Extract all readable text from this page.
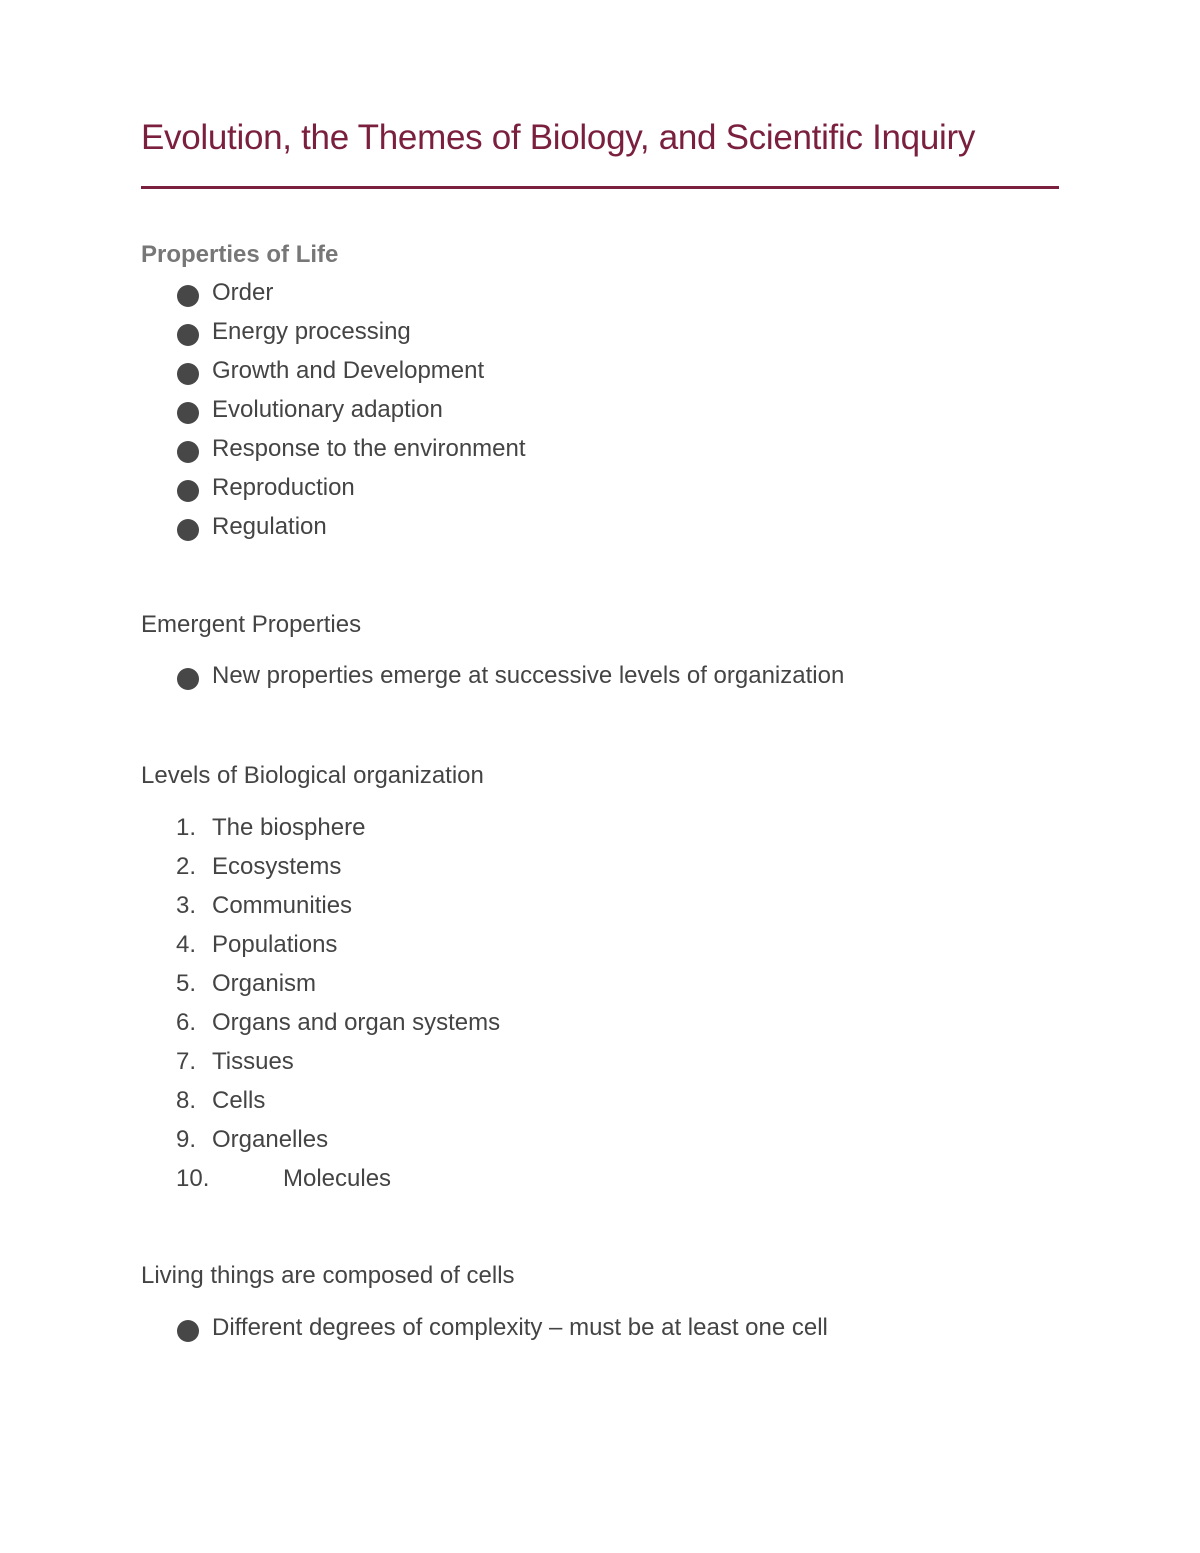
Evolution, the Themes of Biology, and Scientific Inquiry
Properties of Life
Order
Energy processing
Growth and Development
Evolutionary adaption
Response to the environment
Reproduction
Regulation
Emergent Properties
New properties emerge at successive levels of organization
Levels of Biological organization
1. The biosphere
2. Ecosystems
3. Communities
4. Populations
5. Organism
6. Organs and organ systems
7. Tissues
8. Cells
9. Organelles
10.	Molecules
Living things are composed of cells
Different degrees of complexity – must be at least one cell
